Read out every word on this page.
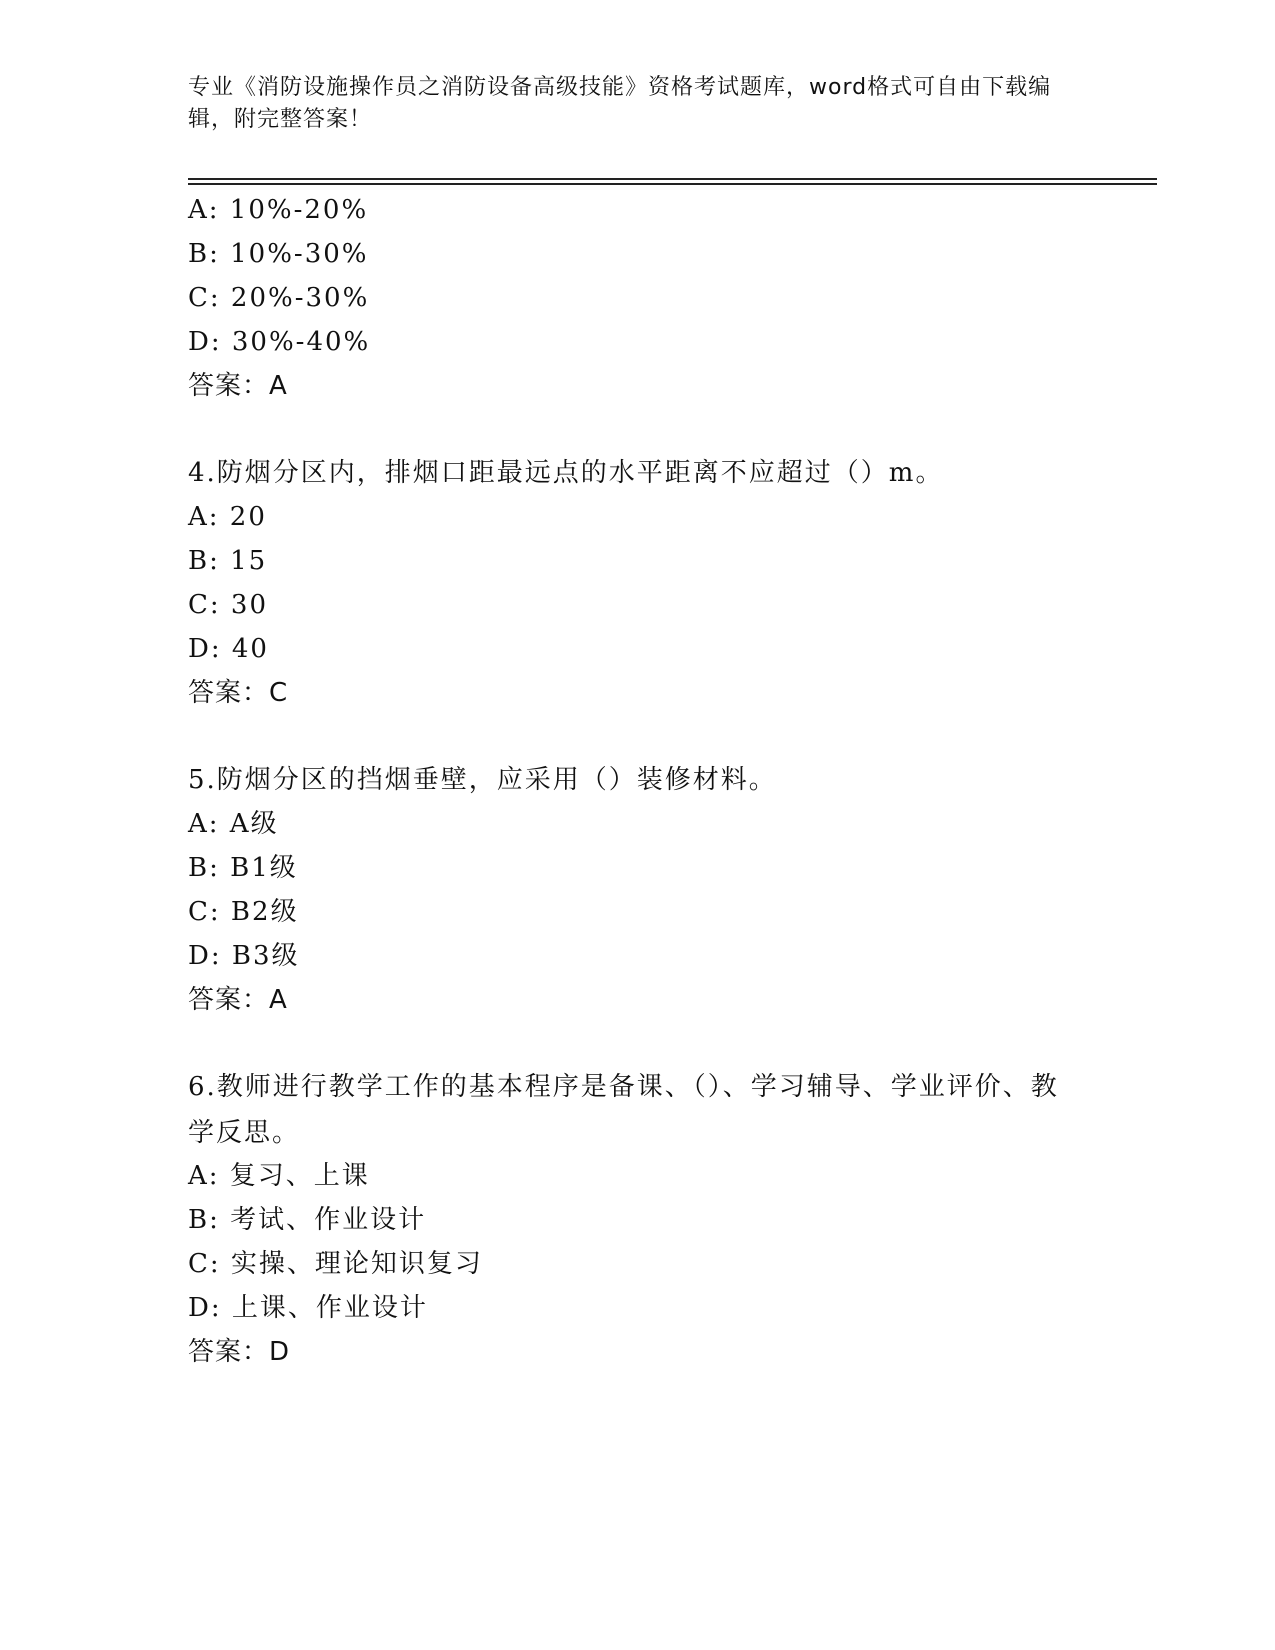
专业《消防设施操作员之消防设备高级技能》资格考试题库，word格式可自由下载编辑，附完整答案！
A: 10%-20%
B: 10%-30%
C: 20%-30%
D: 30%-40%
答案：A
4.防烟分区内，排烟口距最远点的水平距离不应超过（）m。
A: 20
B: 15
C: 30
D: 40
答案：C
5.防烟分区的挡烟垂壁，应采用（）装修材料。
A: A级
B: B1级
C: B2级
D: B3级
答案：A
6.教师进行教学工作的基本程序是备课、（）、学习辅导、学业评价、教学反思。
A: 复习、上课
B: 考试、作业设计
C: 实操、理论知识复习
D: 上课、作业设计
答案：D
